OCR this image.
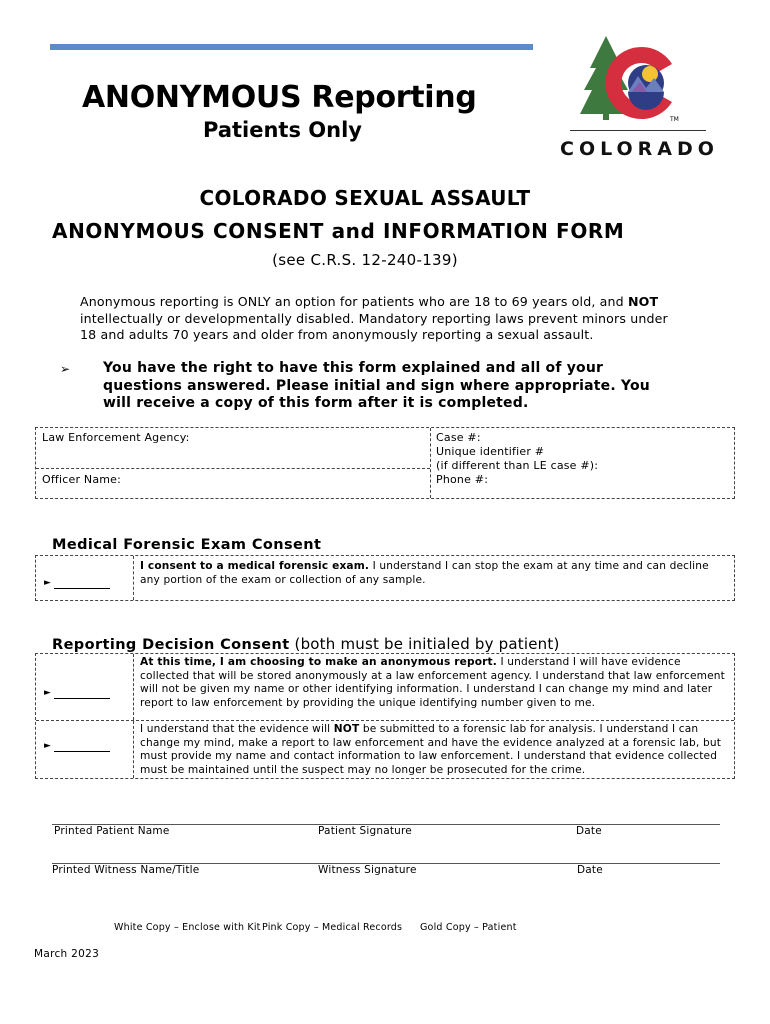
TM
COLORADO
ANONYMOUS Reporting
Patients Only
COLORADO SEXUAL ASSAULT
ANONYMOUS CONSENT and INFORMATION FORM
(see C.R.S. 12-240-139)
Anonymous reporting is ONLY an option for patients who are 18 to 69 years old, and NOT intellectually or developmentally disabled. Mandatory reporting laws prevent minors under 18 and adults 70 years and older from anonymously reporting a sexual assault.
➢ You have the right to have this form explained and all of your questions answered. Please initial and sign where appropriate. You will receive a copy of this form after it is completed.
Law Enforcement Agency:
Officer Name:
Case #:
Unique identifier #
(if different than LE case #):
Phone #:
Medical Forensic Exam Consent
►
I consent to a medical forensic exam. I understand I can stop the exam at any time and can decline any portion of the exam or collection of any sample.
Reporting Decision Consent (both must be initialed by patient)
►
At this time, I am choosing to make an anonymous report. I understand I will have evidence collected that will be stored anonymously at a law enforcement agency. I understand that law enforcement will not be given my name or other identifying information. I understand I can change my mind and later report to law enforcement by providing the unique identifying number given to me.
►
I understand that the evidence will NOT be submitted to a forensic lab for analysis. I understand I can change my mind, make a report to law enforcement and have the evidence analyzed at a forensic lab, but must provide my name and contact information to law enforcement. I understand that evidence collected must be maintained until the suspect may no longer be prosecuted for the crime.
Printed Patient Name	Patient Signature	Date
Printed Witness Name/Title	Witness Signature	Date
White Copy – Enclose with Kit Pink Copy – Medical Records Gold Copy – Patient
March 2023
